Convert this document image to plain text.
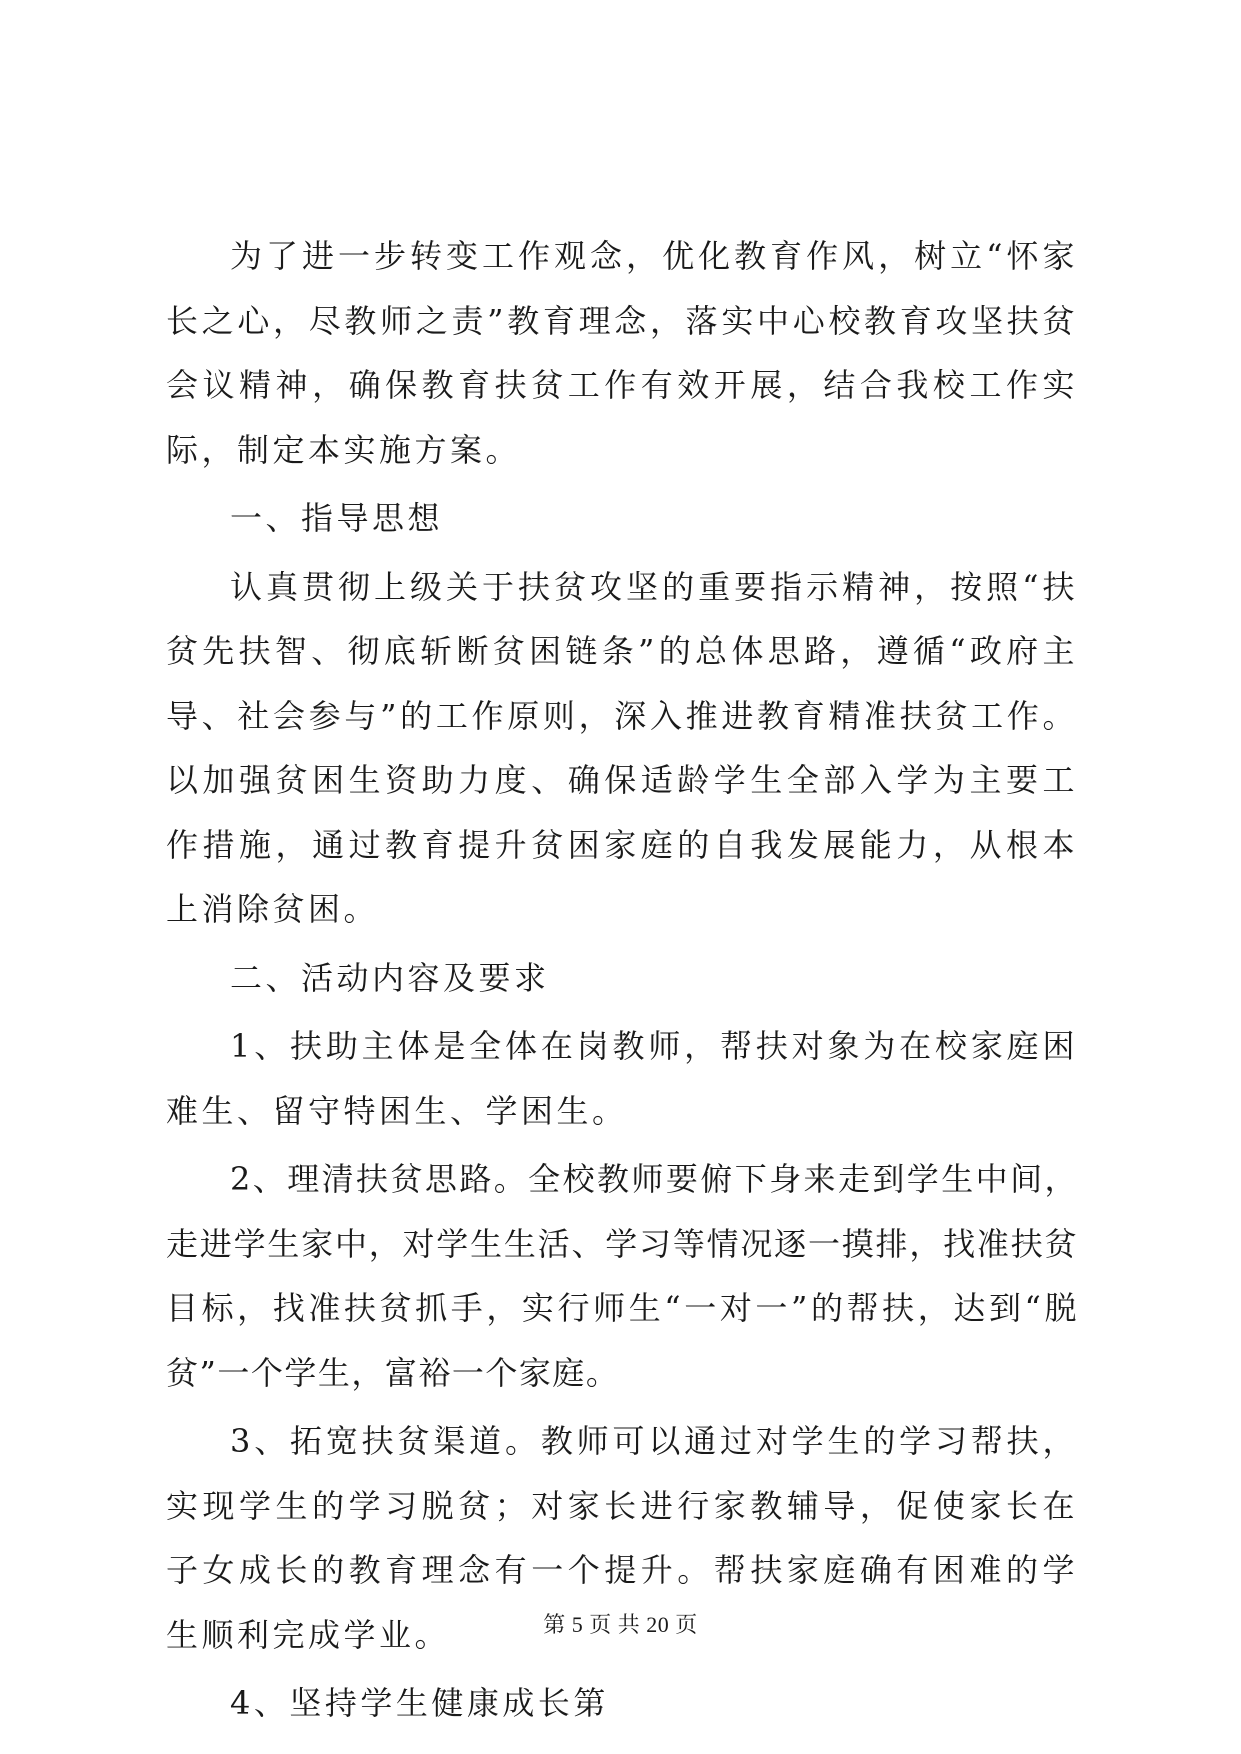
为了进一步转变工作观念，优化教育作风，树立“怀家长之心，尽教师之责”教育理念，落实中心校教育攻坚扶贫会议精神，确保教育扶贫工作有效开展，结合我校工作实际，制定本实施方案。

一、指导思想

认真贯彻上级关于扶贫攻坚的重要指示精神，按照“扶贫先扶智、彻底斩断贫困链条”的总体思路，遵循“政府主导、社会参与”的工作原则，深入推进教育精准扶贫工作。以加强贫困生资助力度、确保适龄学生全部入学为主要工作措施，通过教育提升贫困家庭的自我发展能力，从根本上消除贫困。

二、活动内容及要求

1、扶助主体是全体在岗教师，帮扶对象为在校家庭困难生、留守特困生、学困生。

2、理清扶贫思路。全校教师要俯下身来走到学生中间，走进学生家中，对学生生活、学习等情况逐一摸排，找准扶贫目标，找准扶贫抓手，实行师生“一对一”的帮扶，达到“脱贫”一个学生，富裕一个家庭。

3、拓宽扶贫渠道。教师可以通过对学生的学习帮扶，实现学生的学习脱贫；对家长进行家教辅导，促使家长在子女成长的教育理念有一个提升。帮扶家庭确有困难的学生顺利完成学业。

4、坚持学生健康成长第

第 5 页 共 20 页
